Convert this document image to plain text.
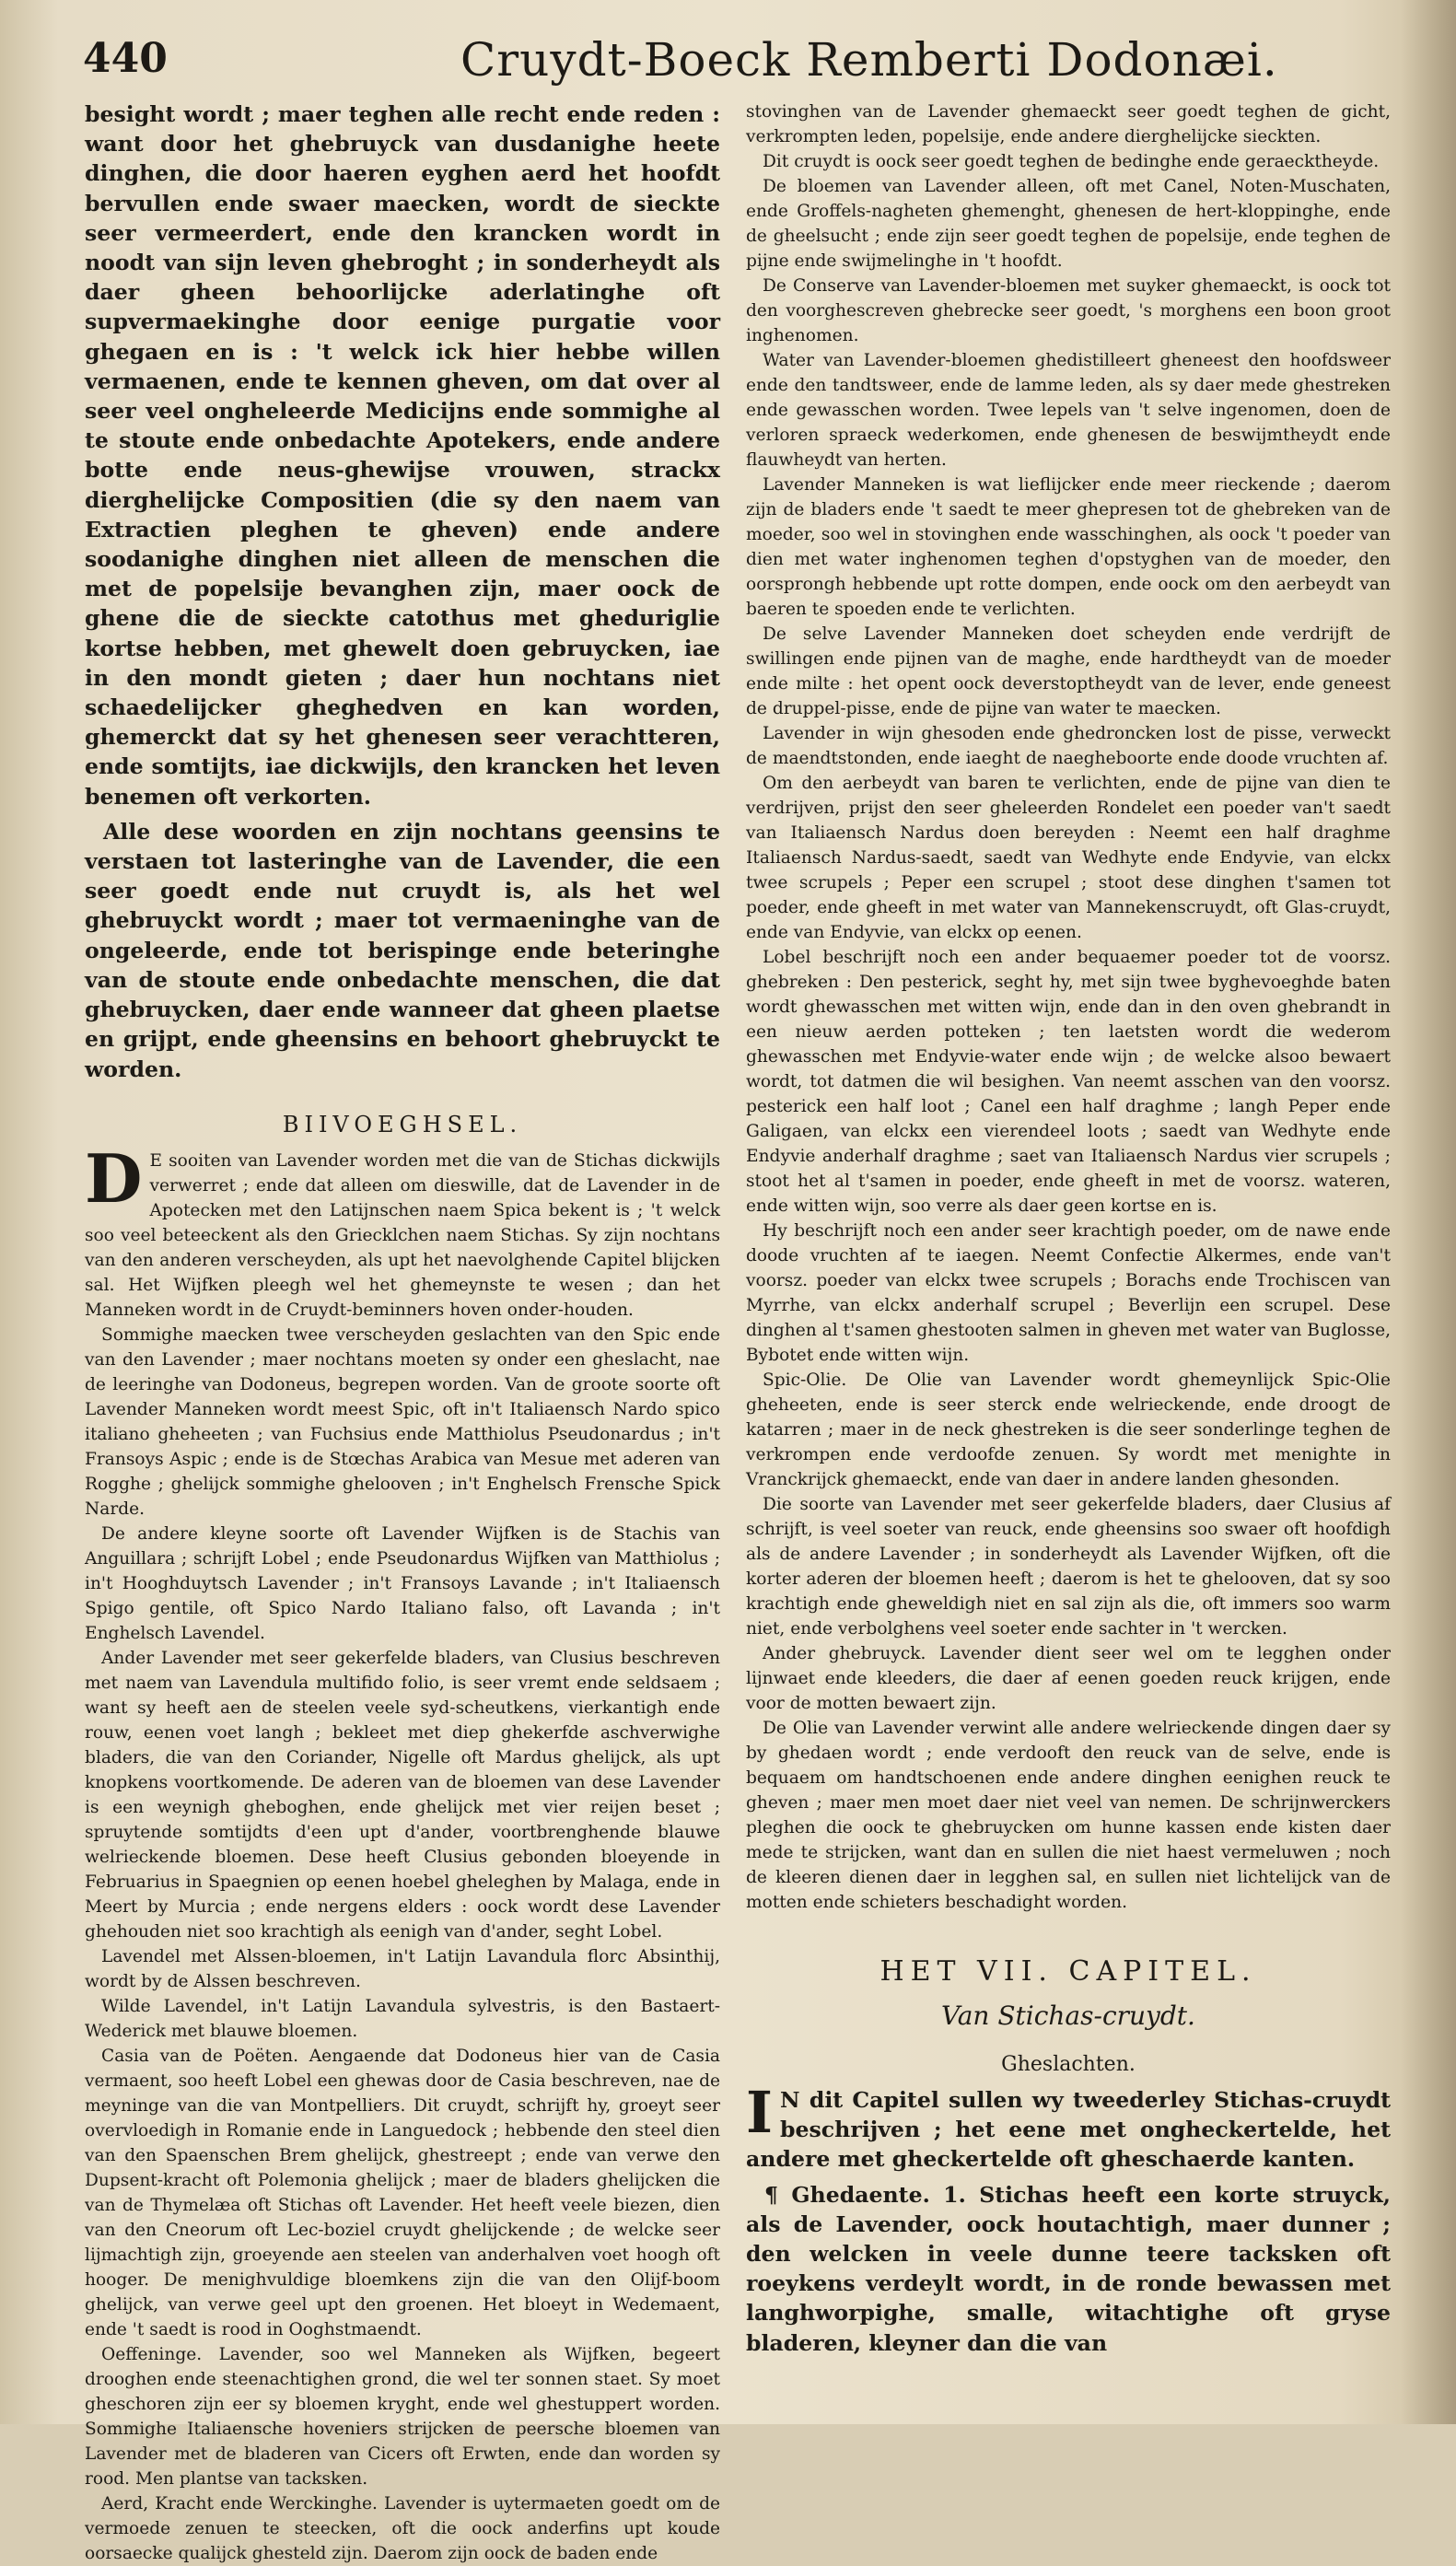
440	Cruydt-Boeck Remberti Dodonæi.

besight wordt ; maer teghen alle recht ende reden : want door het ghebruyck van dusdanighe heete dinghen, die door haeren eyghen aerd het hoofdt bervullen ende swaer maecken, wordt de sieckte seer vermeerdert, ende den krancken wordt in noodt van sijn leven ghebroght ; in sonderheydt als daer gheen behoorlijcke aderlatinghe oft supvermaekinghe door eenige purgatie voor ghegaen en is : 't welck ick hier hebbe willen vermaenen, ende te kennen gheven, om dat over al seer veel ongheleerde Medicijns ende sommighe al te stoute ende onbedachte Apotekers, ende andere botte ende neus-ghewijse vrouwen, strackx dierghelijcke Compositien (die sy den naem van Extractien pleghen te gheven) ende andere soodanighe dinghen niet alleen de menschen die met de popelsije bevanghen zijn, maer oock de ghene die de sieckte catothus met gheduriglie kortse hebben, met ghewelt doen gebruycken, iae in den mondt gieten ; daer hun nochtans niet schaedelijcker gheghedven en kan worden, ghemerckt dat sy het ghenesen seer verachtteren, ende somtijts, iae dickwijls, den krancken het leven benemen oft verkorten.

Alle dese woorden en zijn nochtans geensins te verstaen tot lasteringhe van de Lavender, die een seer goedt ende nut cruydt is, als het wel ghebruyckt wordt ; maer tot vermaeninghe van de ongeleerde, ende tot berispinge ende beteringhe van de stoute ende onbedachte menschen, die dat ghebruycken, daer ende wanneer dat gheen plaetse en grijpt, ende gheensins en behoort ghebruyckt te worden.

BIIVOEGHSEL.

D E sooiten van Lavender worden met die van de Stichas dickwijls verwerret ; ende dat alleen om dieswille, dat de Lavender in de Apotecken met den Latijnschen naem Spica bekent is ; 't welck soo veel beteeckent als den Griecklchen naem Stichas. Sy zijn nochtans van den anderen verscheyden, als upt het naevolghende Capitel blijcken sal. Het Wijfken pleegh wel het ghemeynste te wesen ; dan het Manneken wordt in de Cruydt-beminners hoven onder-houden.

Sommighe maecken twee verscheyden geslachten van den Spic ende van den Lavender ; maer nochtans moeten sy onder een gheslacht, nae de leeringhe van Dodoneus, begrepen worden. Van de groote soorte oft Lavender Manneken wordt meest Spic, oft in't Italiaensch Nardo spico italiano gheheeten ; van Fuchsius ende Matthiolus Pseudonardus ; in't Fransoys Aspic ; ende is de Stœchas Arabica van Mesue met aderen van Rogghe ; ghelijck sommighe ghelooven ; in't Enghelsch Frensche Spick Narde.

De andere kleyne soorte oft Lavender Wijfken is de Stachis van Anguillara ; schrijft Lobel ; ende Pseudonardus Wijfken van Matthiolus ; in't Hooghduytsch Lavender ; in't Fransoys Lavande ; in't Italiaensch Spigo gentile, oft Spico Nardo Italiano falso, oft Lavanda ; in't Enghelsch Lavendel.

Ander Lavender met seer gekerfelde bladers, van Clusius beschreven met naem van Lavendula multifido folio, is seer vremt ende seldsaem ; want sy heeft aen de steelen veele syd-scheutkens, vierkantigh ende rouw, eenen voet langh ; bekleet met diep ghekerfde aschverwighe bladers, die van den Coriander, Nigelle oft Mardus ghelijck, als upt knopkens voortkomende. De aderen van de bloemen van dese Lavender is een weynigh gheboghen, ende ghelijck met vier reijen beset ; spruytende somtijdts d'een upt d'ander, voortbrenghende blauwe welrieckende bloemen. Dese heeft Clusius gebonden bloeyende in Februarius in Spaegnien op eenen hoebel gheleghen by Malaga, ende in Meert by Murcia ; ende nergens elders : oock wordt dese Lavender ghehouden niet soo krachtigh als eenigh van d'ander, seght Lobel.

Lavendel met Alssen-bloemen, in't Latijn Lavandula florc Absinthij, wordt by de Alssen beschreven.

Wilde Lavendel, in't Latijn Lavandula sylvestris, is den Bastaert-Wederick met blauwe bloemen.

Casia van de Poëten. Aengaende dat Dodoneus hier van de Casia vermaent, soo heeft Lobel een ghewas door de Casia beschreven, nae de meyninge van die van Montpelliers. Dit cruydt, schrijft hy, groeyt seer overvloedigh in Romanie ende in Languedock ; hebbende den steel dien van den Spaenschen Brem ghelijck, ghestreept ; ende van verwe den Dupsent-kracht oft Polemonia ghelijck ; maer de bladers ghelijcken die van de Thymelæa oft Stichas oft Lavender. Het heeft veele biezen, dien van den Cneorum oft Lec-boziel cruydt ghelijckende ; de welcke seer lijmachtigh zijn, groeyende aen steelen van anderhalven voet hoogh oft hooger. De menighvuldige bloemkens zijn die van den Olijf-boom ghelijck, van verwe geel upt den groenen. Het bloeyt in Wedemaent, ende 't saedt is rood in Ooghstmaendt.

Oeffeninge. Lavender, soo wel Manneken als Wijfken, begeert drooghen ende steenachtighen grond, die wel ter sonnen staet. Sy moet gheschoren zijn eer sy bloemen kryght, ende wel ghestuppert worden. Sommighe Italiaensche hoveniers strijcken de peersche bloemen van Lavender met de bladeren van Cicers oft Erwten, ende dan worden sy rood. Men plantse van tacksken.

Aerd, Kracht ende Werckinghe. Lavender is uytermaeten goedt om de vermoede zenuen te steecken, oft die oock anderfins upt koude oorsaecke qualijck ghesteld zijn. Daerom zijn oock de baden ende

stovinghen van de Lavender ghemaeckt seer goedt teghen de gicht, verkrompten leden, popelsije, ende andere dierghelijcke sieckten.

Dit cruydt is oock seer goedt teghen de bedinghe ende geraecktheyde.

De bloemen van Lavender alleen, oft met Canel, Noten-Muschaten, ende Groffels-nagheten ghemenght, ghenesen de hert-kloppinghe, ende de gheelsucht ; ende zijn seer goedt teghen de popelsije, ende teghen de pijne ende swijmelinghe in 't hoofdt.

De Conserve van Lavender-bloemen met suyker ghemaeckt, is oock tot den voorghescreven ghebrecke seer goedt, 's morghens een boon groot inghenomen.

Water van Lavender-bloemen ghedistilleert gheneest den hoofdsweer ende den tandtsweer, ende de lamme leden, als sy daer mede ghestreken ende gewasschen worden. Twee lepels van 't selve ingenomen, doen de verloren spraeck wederkomen, ende ghenesen de beswijmtheydt ende flauwheydt van herten.

Lavender Manneken is wat lieflijcker ende meer rieckende ; daerom zijn de bladers ende 't saedt te meer ghepresen tot de ghebreken van de moeder, soo wel in stovinghen ende wasschinghen, als oock 't poeder van dien met water inghenomen teghen d'opstyghen van de moeder, den oorsprongh hebbende upt rotte dompen, ende oock om den aerbeydt van baeren te spoeden ende te verlichten.

De selve Lavender Manneken doet scheyden ende verdrijft de swillingen ende pijnen van de maghe, ende hardtheydt van de moeder ende milte : het opent oock deverstoptheydt van de lever, ende geneest de druppel-pisse, ende de pijne van water te maecken.

Lavender in wijn ghesoden ende ghedroncken lost de pisse, verweckt de maendtstonden, ende iaeght de naegheboorte ende doode vruchten af.

Om den aerbeydt van baren te verlichten, ende de pijne van dien te verdrijven, prijst den seer gheleerden Rondelet een poeder van't saedt van Italiaensch Nardus doen bereyden : Neemt een half draghme Italiaensch Nardus-saedt, saedt van Wedhyte ende Endyvie, van elckx twee scrupels ; Peper een scrupel ; stoot dese dinghen t'samen tot poeder, ende gheeft in met water van Mannekenscruydt, oft Glas-cruydt, ende van Endyvie, van elckx op eenen.

Lobel beschrijft noch een ander bequaemer poeder tot de voorsz. ghebreken : Den pesterick, seght hy, met sijn twee byghevoeghde baten wordt ghewasschen met witten wijn, ende dan in den oven ghebrandt in een nieuw aerden potteken ; ten laetsten wordt die wederom ghewasschen met Endyvie-water ende wijn ; de welcke alsoo bewaert wordt, tot datmen die wil besighen. Van neemt asschen van den voorsz. pesterick een half loot ; Canel een half draghme ; langh Peper ende Galigaen, van elckx een vierendeel loots ; saedt van Wedhyte ende Endyvie anderhalf draghme ; saet van Italiaensch Nardus vier scrupels ; stoot het al t'samen in poeder, ende gheeft in met de voorsz. wateren, ende witten wijn, soo verre als daer geen kortse en is.

Hy beschrijft noch een ander seer krachtigh poeder, om de nawe ende doode vruchten af te iaegen. Neemt Confectie Alkermes, ende van't voorsz. poeder van elckx twee scrupels ; Borachs ende Trochiscen van Myrrhe, van elckx anderhalf scrupel ; Beverlijn een scrupel. Dese dinghen al t'samen ghestooten salmen in gheven met water van Buglosse, Bybotet ende witten wijn.

Spic-Olie. De Olie van Lavender wordt ghemeynlijck Spic-Olie gheheeten, ende is seer sterck ende welrieckende, ende droogt de katarren ; maer in de neck ghestreken is die seer sonderlinge teghen de verkrompen ende verdoofde zenuen. Sy wordt met menighte in Vranckrijck ghemaeckt, ende van daer in andere landen ghesonden.

Die soorte van Lavender met seer gekerfelde bladers, daer Clusius af schrijft, is veel soeter van reuck, ende gheensins soo swaer oft hoofdigh als de andere Lavender ; in sonderheydt als Lavender Wijfken, oft die korter aderen der bloemen heeft ; daerom is het te ghelooven, dat sy soo krachtigh ende gheweldigh niet en sal zijn als die, oft immers soo warm niet, ende verbolghens veel soeter ende sachter in 't wercken.

Ander ghebruyck. Lavender dient seer wel om te legghen onder lijnwaet ende kleeders, die daer af eenen goeden reuck krijgen, ende voor de motten bewaert zijn.

De Olie van Lavender verwint alle andere welrieckende dingen daer sy by ghedaen wordt ; ende verdooft den reuck van de selve, ende is bequaem om handtschoenen ende andere dinghen eenighen reuck te gheven ; maer men moet daer niet veel van nemen. De schrijnwerckers pleghen die oock te ghebruycken om hunne kassen ende kisten daer mede te strijcken, want dan en sullen die niet haest vermeluwen ; noch de kleeren dienen daer in legghen sal, en sullen niet lichtelijck van de motten ende schieters beschadight worden.

HET VII. CAPITEL.
Van Stichas-cruydt.
Gheslachten.

I N dit Capitel sullen wy tweederley Stichas-cruydt beschrijven ; het eene met ongheckertelde, het andere met gheckertelde oft gheschaerde kanten.

¶ Ghedaente. 1. Stichas heeft een korte struyck, als de Lavender, oock houtachtigh, maer dunner ; den welcken in veele dunne teere tacksken oft roeykens verdeylt wordt, in de ronde bewassen met langhworpighe, smalle, witachtighe oft gryse bladeren, kleyner dan die van
